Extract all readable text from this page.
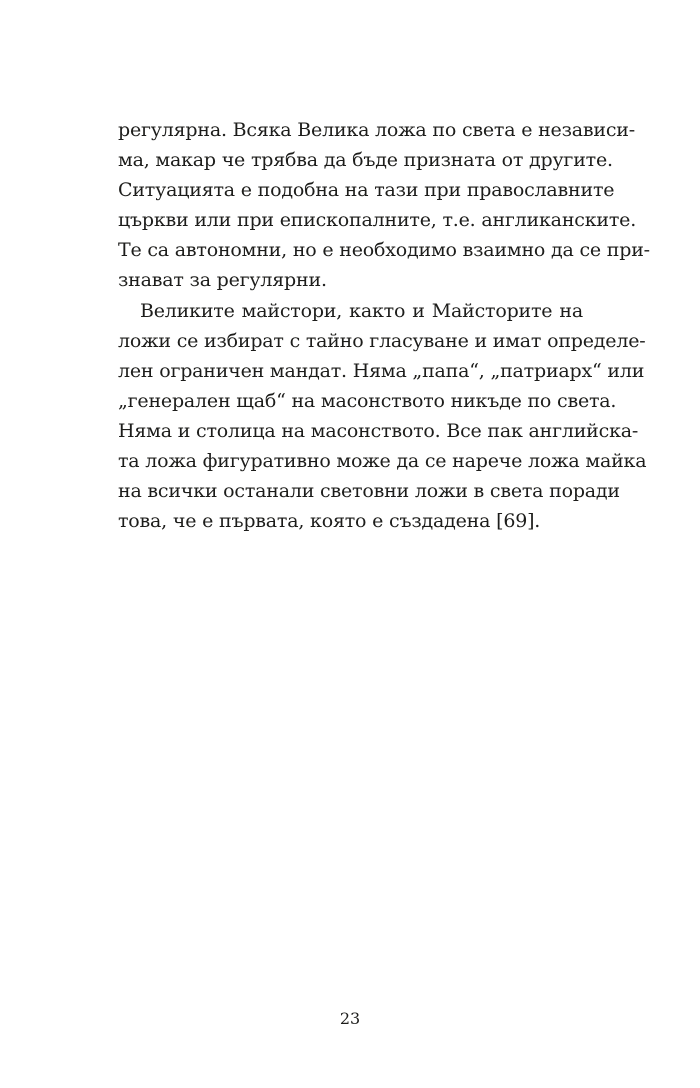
регулярна. Всяка Велика ложа по света е независи-
ма, макар че трябва да бъде призната от другите.
Ситуацията е подобна на тази при православните
църкви или при епископалните, т.е. англиканските.
Те са автономни, но е необходимо взаимно да се при-
знават за регулярни.
Великите майстори, както и Майсторите на
ложи се избират с тайно гласуване и имат определе-
лен ограничен мандат. Няма „папа“, „патриарх“ или
„генерален щаб“ на масонството никъде по света.
Няма и столица на масонството. Все пак английска-
та ложа фигуративно може да се нарече ложа майка
на всички останали световни ложи в света поради
това, че е първата, която е създадена [69].
23
